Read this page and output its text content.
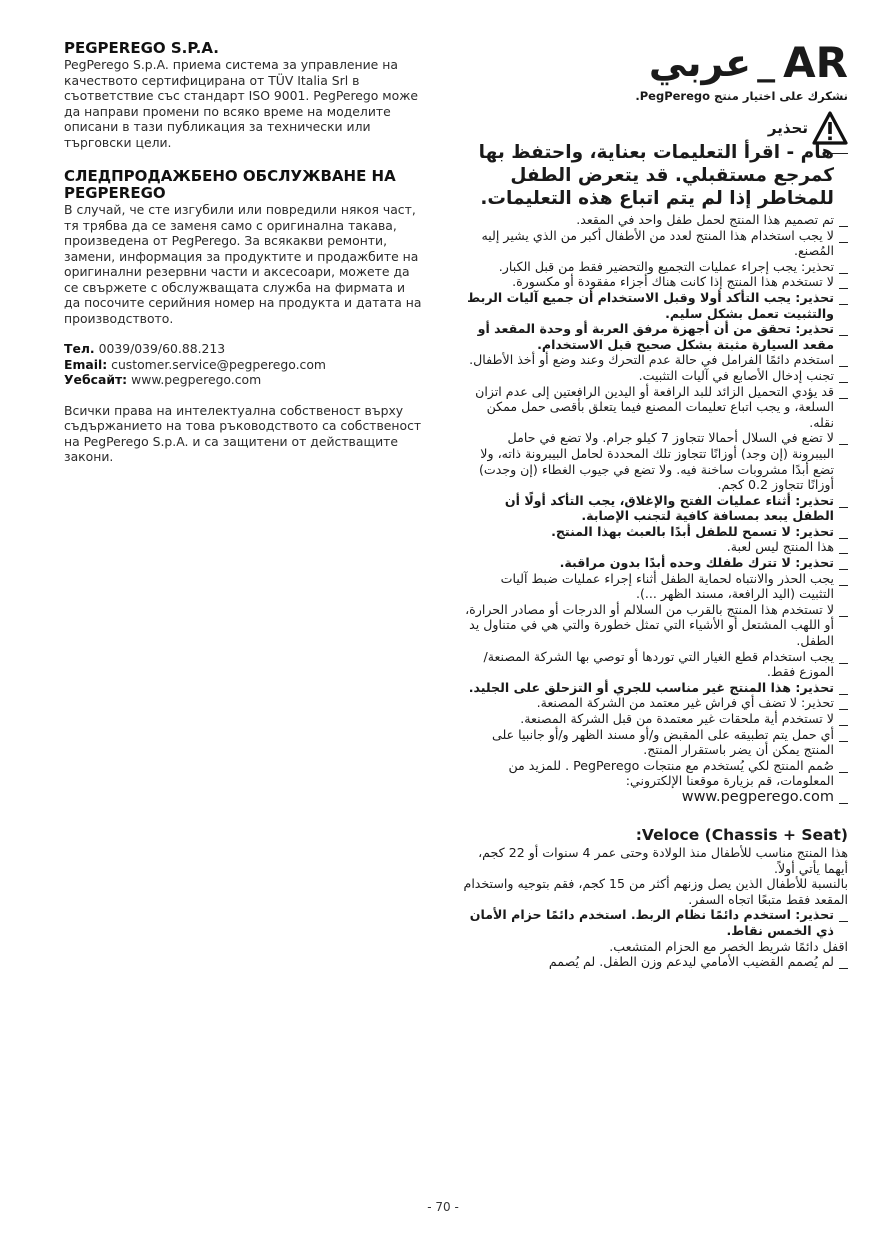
PEGPEREGO S.P.A.

PegPerego S.p.A. приема система за управление на качеството сертифицирана от TÜV Italia Srl в съответствие със стандарт ISO 9001. PegPerego може да направи промени по всяко време на моделите описани в тази публикация за технически или търговски цели.

СЛЕДПРОДАЖБЕНО ОБСЛУЖВАНЕ НА PEGPEREGO

В случай, че сте изгубили или повредили някоя част, тя трябва да се заменя само с оригинална такава, произведена от PegPerego. За всякакви ремонти, замени, информация за продуктите и продажбите на оригинални резервни части и аксесоари, можете да се свържете с обслужващата служба на фирмата и да посочите серийния номер на продукта и датата на производството.

Тел. 0039/039/60.88.213

Email: customer.service@pegperego.com

Уебсайт: www.pegperego.com

Всички права на интелектуална собственост върху съдържанието на това ръководството са собственост на PegPerego S.p.A. и са защитени от действащите закони.

عربي _ AR
نشكرك على اختيار منتج PegPerego.
تحذير
هام - اقرأ التعليمات بعناية، واحتفظ بها كمرجع مستقبلي. قد يتعرض الطفل للمخاطر إذا لم يتم اتباع هذه التعليمات.
تم تصميم هذا المنتج لحمل طفل واحد في المقعد.
لا يجب استخدام هذا المنتج لعدد من الأطفال أكبر من الذي يشير إليه المُصنع.
تحذير: يجب إجراء عمليات التجميع والتحضير فقط من قبل الكبار.
لا تستخدم هذا المنتج إذا كانت هناك أجزاء مفقودة أو مكسورة.
تحذير: يجب التأكد أولا وقبل الاستخدام أن جميع آليات الربط والتثبيت تعمل بشكل سليم.
تحذير: تحقق من أن أجهزة مرفق العربة أو وحدة المقعد أو مقعد السيارة مثبتة بشكل صحيح قبل الاستخدام.
استخدم دائمًا الفرامل في حالة عدم التحرك وعند وضع أو أخذ الأطفال.
تجنب إدخال الأصابع في آليات التثبيت.
قد يؤدي التحميل الزائد للبد الرافعة أو اليدين الرافعتين إلى عدم اتزان السلعة، و يجب اتباع تعليمات المصنع فيما يتعلق بأقصى حمل ممكن نقله.
لا تضع في السلال أحمالا تتجاوز 7 كيلو جرام. ولا تضع في حامل البيبرونة (إن وجد) أوزانًا تتجاوز تلك المحددة لحامل البيبرونة ذاته، ولا تضع أبدًا مشروبات ساخنة فيه. ولا تضع في جيوب الغطاء (إن وجدت) أوزانًا تتجاوز 0.2 كجم.
تحذير: أثناء عمليات الفتح والإغلاق، يجب التأكد أولًا أن الطفل يبعد بمسافة كافية لتجنب الإصابة.
تحذير: لا تسمح للطفل أبدًا بالعبث بهذا المنتج.
هذا المنتج ليس لعبة.
تحذير: لا تترك طفلك وحده أبدًا بدون مراقبة.
يجب الحذر والانتباه لحماية الطفل أثناء إجراء عمليات ضبط آليات التثبيت (اليد الرافعة، مسند الظهر ...).
لا تستخدم هذا المنتج بالقرب من السلالم أو الدرجات أو مصادر الحرارة، أو اللهب المشتعل أو الأشياء التي تمثل خطورة والتي هي في متناول يد الطفل.
يجب استخدام قطع الغيار التي توردها أو توصي بها الشركة المصنعة/الموزع فقط.
تحذير: هذا المنتج غير مناسب للجري أو التزحلق على الجليد.
تحذير: لا تضف أي فراش غير معتمد من الشركة المصنعة.
لا تستخدم أية ملحقات غير معتمدة من قبل الشركة المصنعة.
أي حمل يتم تطبيقه على المقبض و/أو مسند الظهر و/أو جانبيا على المنتج يمكن أن يضر باستقرار المنتج.
صُمم المنتج لكي يُستخدم مع منتجات PegPerego . للمزيد من المعلومات، قم بزيارة موقعنا الإلكتروني:
www.pegperego.com
:Veloce (Chassis + Seat)

هذا المنتج مناسب للأطفال منذ الولادة وحتى عمر 4 سنوات أو 22 كجم، أيهما يأتي أولاً.

بالنسبة للأطفال الذين يصل وزنهم أكثر من 15 كجم، فقم بتوجيه واستخدام المقعد فقط متبعًا اتجاه السفر.

تحذير: استخدم دائمًا نظام الربط. استخدم دائمًا حزام الأمان ذي الخمس نقاط.

اقفل دائمًا شريط الخصر مع الحزام المتشعب.

لم يُصمم القضيب الأمامي ليدعم وزن الطفل. لم يُصمم

- 70 -
